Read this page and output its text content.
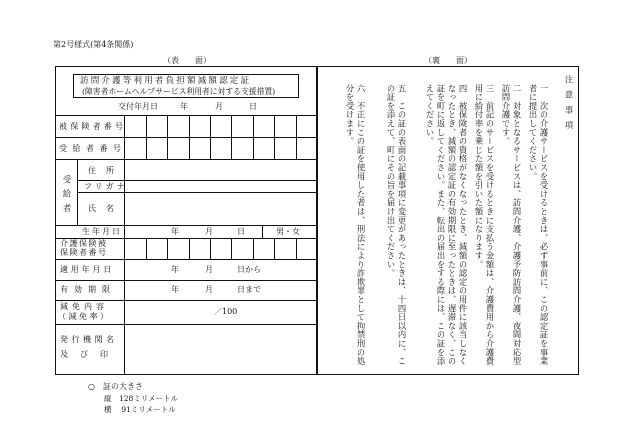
第2号様式(第4条関係)
（表　　面）	（裏　　面）
訪問介護等利用者負担額減額認定証
(障害者ホームヘルプサービス利用者に対する支援措置)
交付年月日	年	月	日
被保険者番号
受給者番号
受給者
住所
フリガナ
氏名
生年月日	年	月	日	男・女
介護保険被
保険者番号
適用年月日	年	月	日から
有効期限	年	月	日まで
減免内容
（減免率）
／100
発行機関名
及び印
注意事項
一　次の介護サービスを受けるときは、必ず事前に、この認定証を事業者に提出してください。
二　対象となるサービスは、訪問介護、介護予防訪問介護、夜間対応型訪問介護です。
三　前記のサービスを受けるときに支払う金額は、介護費用から介護費用に給付率を乗じた額を引いた額になります。
四　被保険者の資格がなくなったとき、減額の認定の用件に該当しなくなったとき、減額の認定証の有効期限に至ったときは、遅滞なく、この証を町に返してください。また、転出の届出をする際には、この証を添えてください。
五　この証の表面の記載事項に変更があったときは、十四日以内に、この証を添えて、町にその旨を届け出てください。
六　不正にこの証を使用した者は、刑法により詐欺罪として拘禁刑の処分を受けます。
○　証の大きさ
縦　128ミリメートル
横　 91ミリメートル
